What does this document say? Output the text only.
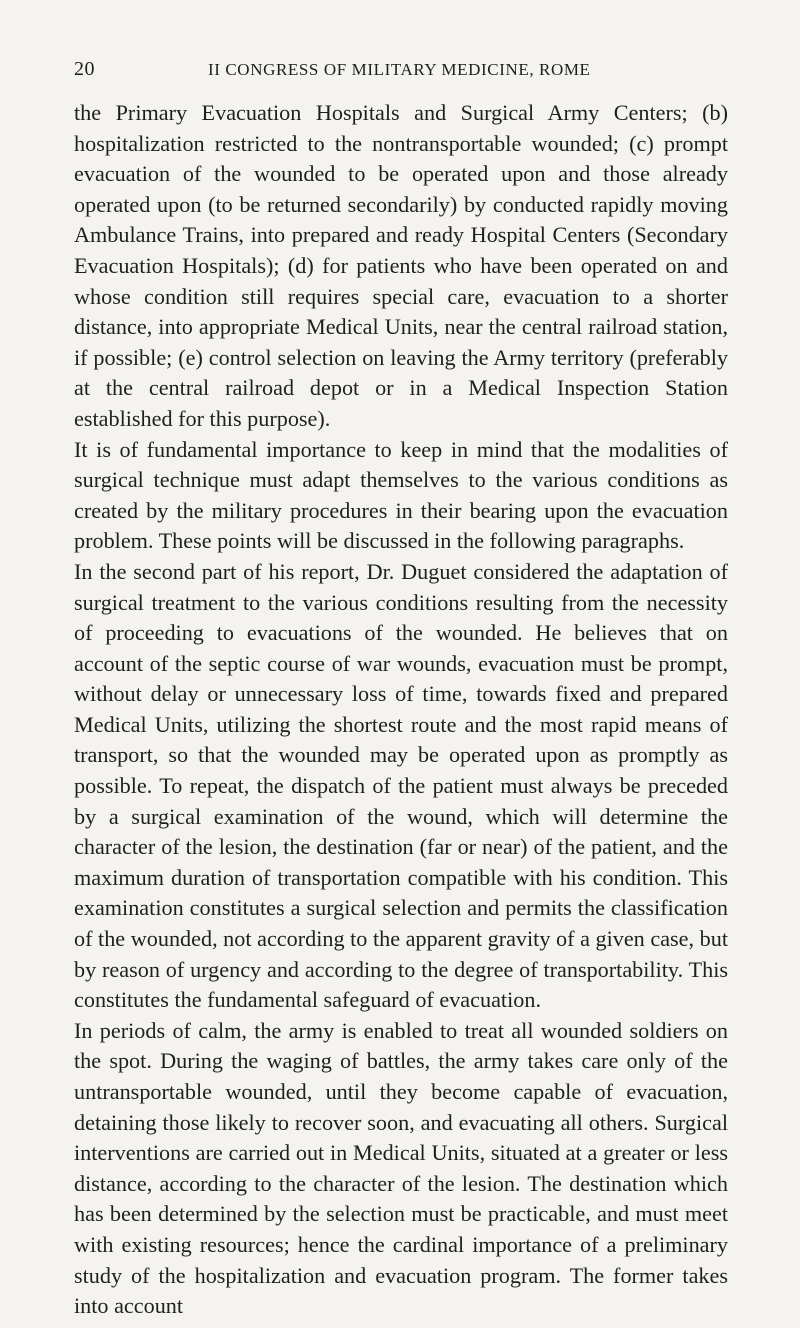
20	II CONGRESS OF MILITARY MEDICINE, ROME

the Primary Evacuation Hospitals and Surgical Army Centers; (b) hospitalization restricted to the nontransportable wounded; (c) prompt evacuation of the wounded to be operated upon and those already operated upon (to be returned secondarily) by conducted rapidly moving Ambulance Trains, into prepared and ready Hospital Centers (Secondary Evacuation Hospitals); (d) for patients who have been operated on and whose condition still requires special care, evacuation to a shorter distance, into appropriate Medical Units, near the central railroad station, if possible; (e) control selection on leaving the Army territory (preferably at the central railroad depot or in a Medical Inspection Station established for this purpose).

It is of fundamental importance to keep in mind that the modalities of surgical technique must adapt themselves to the various conditions as created by the military procedures in their bearing upon the evacuation problem. These points will be discussed in the following paragraphs.

In the second part of his report, Dr. Duguet considered the adaptation of surgical treatment to the various conditions resulting from the necessity of proceeding to evacuations of the wounded. He believes that on account of the septic course of war wounds, evacuation must be prompt, without delay or unnecessary loss of time, towards fixed and prepared Medical Units, utilizing the shortest route and the most rapid means of transport, so that the wounded may be operated upon as promptly as possible. To repeat, the dispatch of the patient must always be preceded by a surgical examination of the wound, which will determine the character of the lesion, the destination (far or near) of the patient, and the maximum duration of transportation compatible with his condition. This examination constitutes a surgical selection and permits the classification of the wounded, not according to the apparent gravity of a given case, but by reason of urgency and according to the degree of transportability. This constitutes the fundamental safeguard of evacuation.

In periods of calm, the army is enabled to treat all wounded soldiers on the spot. During the waging of battles, the army takes care only of the untransportable wounded, until they become capable of evacuation, detaining those likely to recover soon, and evacuating all others. Surgical interventions are carried out in Medical Units, situated at a greater or less distance, according to the character of the lesion. The destination which has been determined by the selection must be practicable, and must meet with existing resources; hence the cardinal importance of a preliminary study of the hospitalization and evacuation program. The former takes into account
